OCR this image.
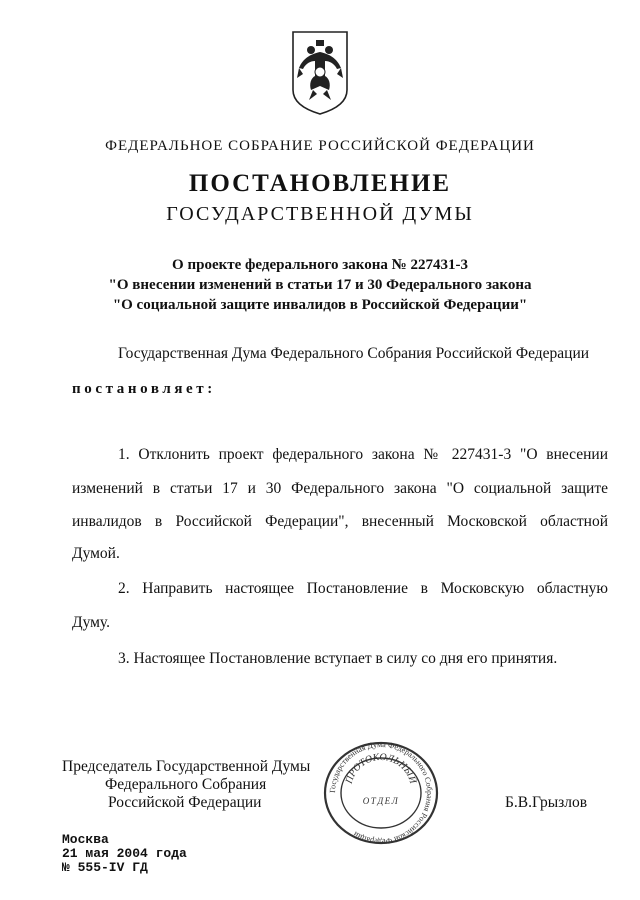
ФЕДЕРАЛЬНОЕ СОБРАНИЕ РОССИЙСКОЙ ФЕДЕРАЦИИ
ПОСТАНОВЛЕНИЕ
ГОСУДАРСТВЕННОЙ ДУМЫ
О проекте федерального закона № 227431-3
"О внесении изменений в статьи 17 и 30 Федерального закона
"О социальной защите инвалидов в Российской Федерации"
Государственная Дума Федерального Собрания Российской Федерации
постановляет:
1. Отклонить проект федерального закона № 227431-3 "О внесении
изменений в статьи 17 и 30 Федерального закона "О социальной защите
инвалидов в Российской Федерации", внесенный Московской областной
Думой.
2. Направить настоящее Постановление в Московскую областную
Думу.
3. Настоящее Постановление вступает в силу со дня его принятия.
Председатель Государственной Думы
Федерального Собрания
Российской Федерации	Б.В.Грызлов
Государственная Дума Федерального Собрания Российской Федерации
ПРОТОКОЛЬНЫЙ
ОТДЕЛ
Москва
21 мая 2004 года
№ 555-IV ГД
